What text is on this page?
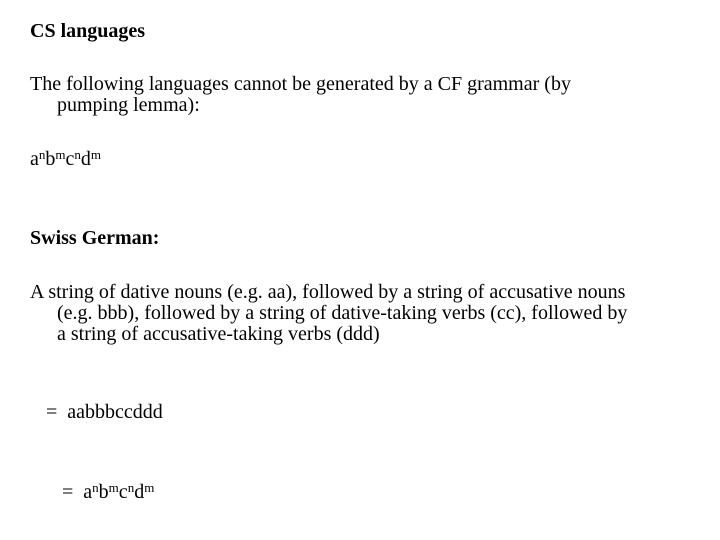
CS languages
The following languages cannot be generated by a CF grammar (by
pumping lemma):
$a^nb^mc^nd^m$
Swiss German:
A string of dative nouns (e.g. aa), followed by a string of accusative nouns
(e.g. bbb), followed by a string of dative-taking verbs (cc), followed by
a string of accusative-taking verbs (ddd)
= aabbbccddd
= $a^nb^mc^nd^m$
